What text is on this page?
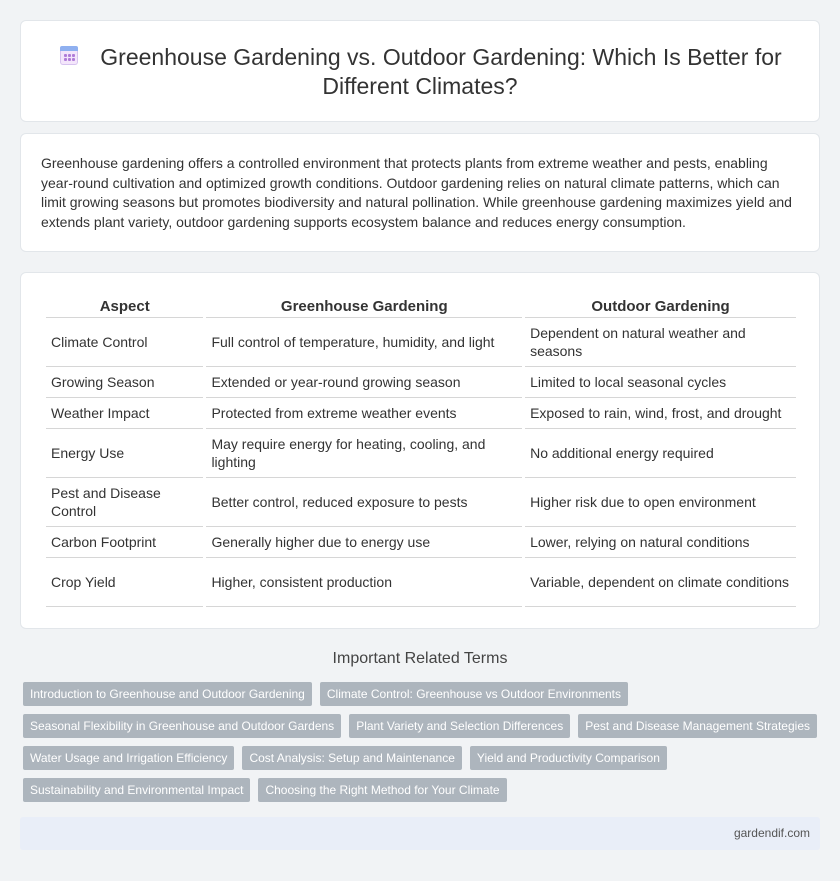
Greenhouse Gardening vs. Outdoor Gardening: Which Is Better for Different Climates?

Greenhouse gardening offers a controlled environment that protects plants from extreme weather and pests, enabling year-round cultivation and optimized growth conditions. Outdoor gardening relies on natural climate patterns, which can limit growing seasons but promotes biodiversity and natural pollination. While greenhouse gardening maximizes yield and extends plant variety, outdoor gardening supports ecosystem balance and reduces energy consumption.

Aspect	Greenhouse Gardening	Outdoor Gardening
Climate Control	Full control of temperature, humidity, and light	Dependent on natural weather and seasons
Growing Season	Extended or year-round growing season	Limited to local seasonal cycles
Weather Impact	Protected from extreme weather events	Exposed to rain, wind, frost, and drought
Energy Use	May require energy for heating, cooling, and lighting	No additional energy required
Pest and Disease Control	Better control, reduced exposure to pests	Higher risk due to open environment
Carbon Footprint	Generally higher due to energy use	Lower, relying on natural conditions
Crop Yield	Higher, consistent production	Variable, dependent on climate conditions
Important Related Terms
Introduction to Greenhouse and Outdoor Gardening	Climate Control: Greenhouse vs Outdoor Environments
Seasonal Flexibility in Greenhouse and Outdoor Gardens	Plant Variety and Selection Differences	Pest and Disease Management Strategies
Water Usage and Irrigation Efficiency	Cost Analysis: Setup and Maintenance	Yield and Productivity Comparison
Sustainability and Environmental Impact	Choosing the Right Method for Your Climate
gardendif.com
